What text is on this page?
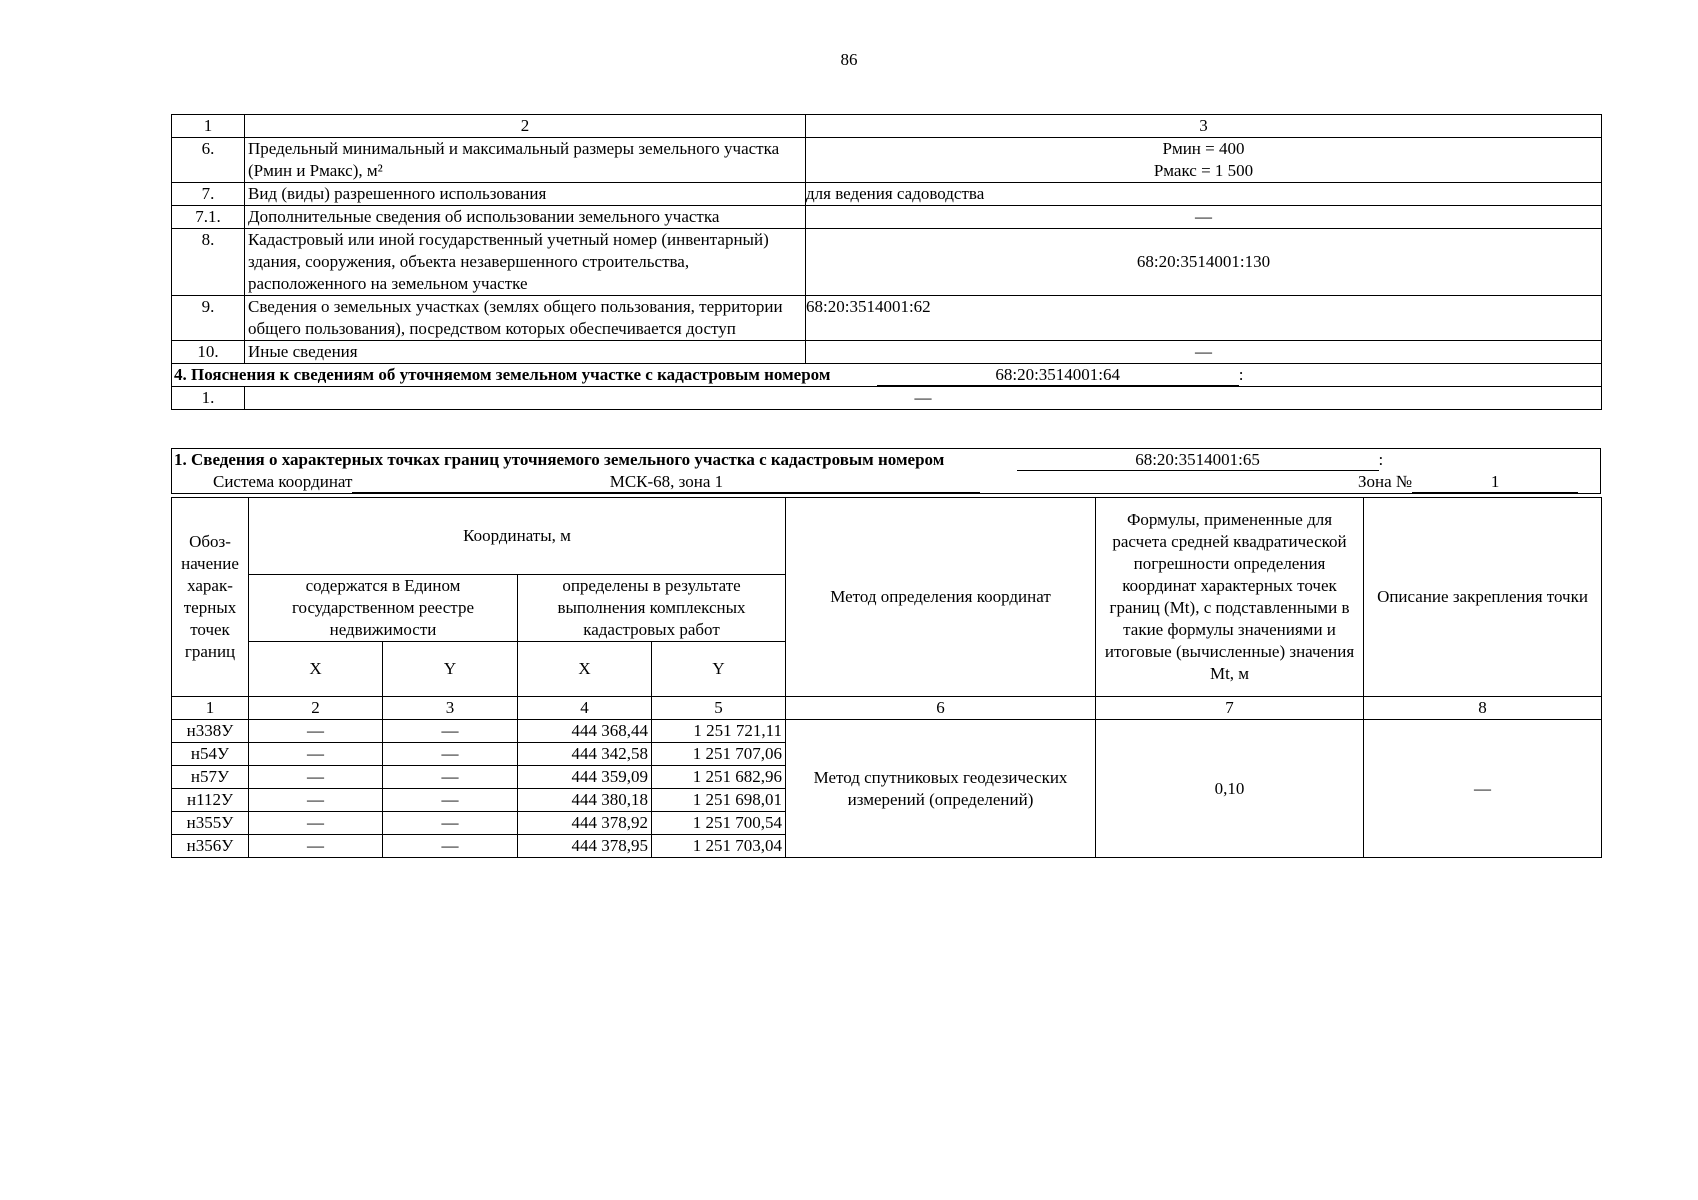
86
1	2	3
6.	Предельный минимальный и максимальный размеры земельного участка (Рмин и Рмакс), м²	Рмин = 400
Рмакс = 1 500

7.	Вид (виды) разрешенного использования	для ведения садоводства
7.1.	Дополнительные сведения об использовании земельного участка	—
8.	Кадастровый или иной государственный учетный номер (инвентарный) здания, сооружения, объекта незавершенного строительства, расположенного на земельном участке	68:20:3514001:130
9.	Сведения о земельных участках (землях общего пользования, территории общего пользования), посредством которых обеспечивается доступ	68:20:3514001:62
10.	Иные сведения	—
4. Пояснения к сведениям об уточняемом земельном участке с кадастровым номером 68:20:3514001:64 :		
1.	—	
1. Сведения о характерных точках границ уточняемого земельного участка с кадастровым номером	68:20:3514001:65	:
Система координат	МСК-68, зона 1	Зона №	1
Обоз-начение харак-терных точек границ	Координаты, м				Метод определения координат	Формулы, примененные для расчета средней квадратической погрешности определения координат характерных точек границ (Mt), с подставленными в такие формулы значениями и итоговые (вычисленные) значения Mt, м	Описание закрепления точки
	содержатся в Едином государственном реестре недвижимости		определены в результате выполнения комплексных кадастровых работ				
	X	Y	X	Y			
1	2	3	4	5	6	7	8
н338У	—	—	444 368,44	1 251 721,11	Метод спутниковых геодезических измерений (определений)	0,10	—
н54У	—	—	444 342,58	1 251 707,06			
н57У	—	—	444 359,09	1 251 682,96			
н112У	—	—	444 380,18	1 251 698,01			
н355У	—	—	444 378,92	1 251 700,54			
н356У	—	—	444 378,95	1 251 703,04			
